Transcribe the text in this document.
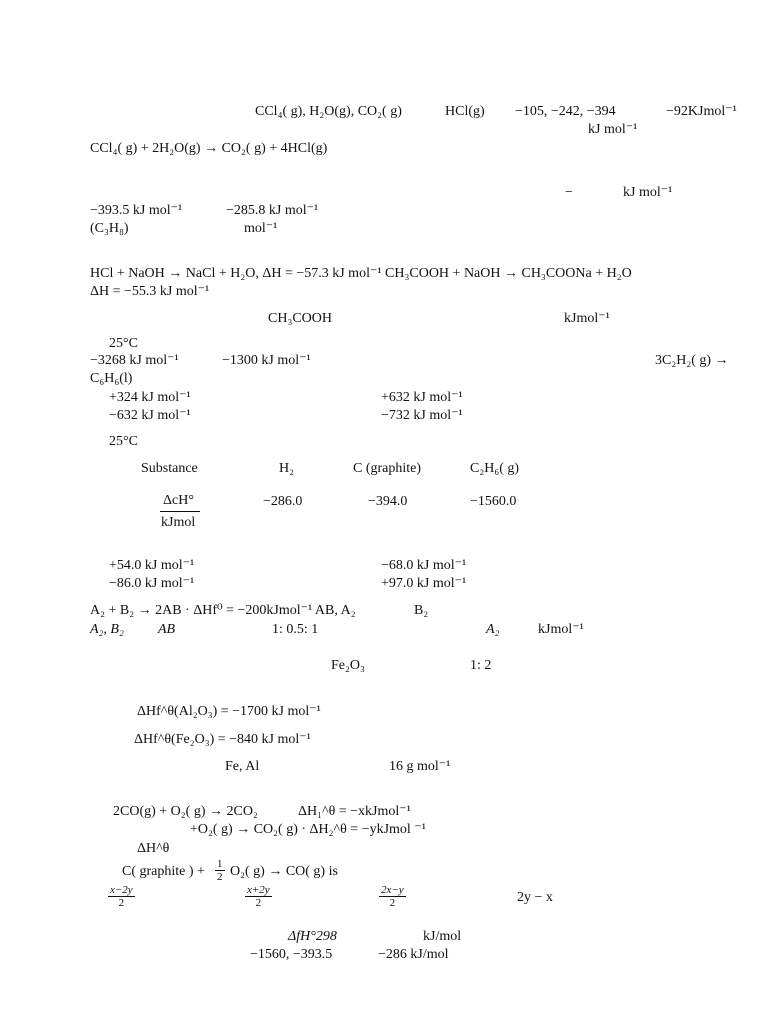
CCl₄( g), H₂O(g), CO₂( g)	HCl(g) −105, −242, −394	−92KJmol⁻¹
kJ mol⁻¹
CCl₄( g) + 2H₂O(g) → CO₂( g) + 4HCl(g)
−	kJ mol⁻¹
−393.5 kJ mol⁻¹	−285.8 kJ mol⁻¹
(C₃H₈)	mol⁻¹
HCl + NaOH → NaCl + H₂O, ΔH = −57.3 kJ mol⁻¹ CH₃COOH + NaOH → CH₃COONa + H₂O
ΔH = −55.3 kJ mol⁻¹
CH₃COOH	kJmol⁻¹
25°C
−3268 kJ mol⁻¹	−1300 kJ mol⁻¹	3C₂H₂( g) →
C₆H₆(l)
+324 kJ mol⁻¹	+632 kJ mol⁻¹
−632 kJ mol⁻¹	−732 kJ mol⁻¹
25°C
Substance	H₂	C (graphite)	C₂H₆( g)
ΔcH°
kJmol
−286.0	−394.0	−1560.0
+54.0 kJ mol⁻¹	−68.0 kJ mol⁻¹
−86.0 kJ mol⁻¹	+97.0 kJ mol⁻¹
A₂ + B₂ → 2AB · ΔHf⁰ = −200kJmol⁻¹ AB, A₂	B₂
A₂, B₂ AB	1: 0.5: 1	A₂	kJmol⁻¹
Fe₂O₃	1: 2
ΔHf^θ(Al₂O₃) = −1700 kJ mol⁻¹
ΔHf^θ(Fe₂O₃) = −840 kJ mol⁻¹
Fe, Al	16 g mol⁻¹
2CO(g) + O₂( g) → 2CO₂	ΔH₁^θ = −xkJmol⁻¹
+O₂( g) → CO₂( g) · ΔH₂^θ = −ykJmol ⁻¹
ΔH^θ
C( graphite ) + $\frac{1}{2} O_2$( g) → CO( g) is
$\frac{x-2y}{2}$	$\frac{x+2y}{2}$	$\frac{2x-y}{2}$	2y − x
ΔfH°298	kJ/mol
−1560, −393.5	−286 kJ/mol
